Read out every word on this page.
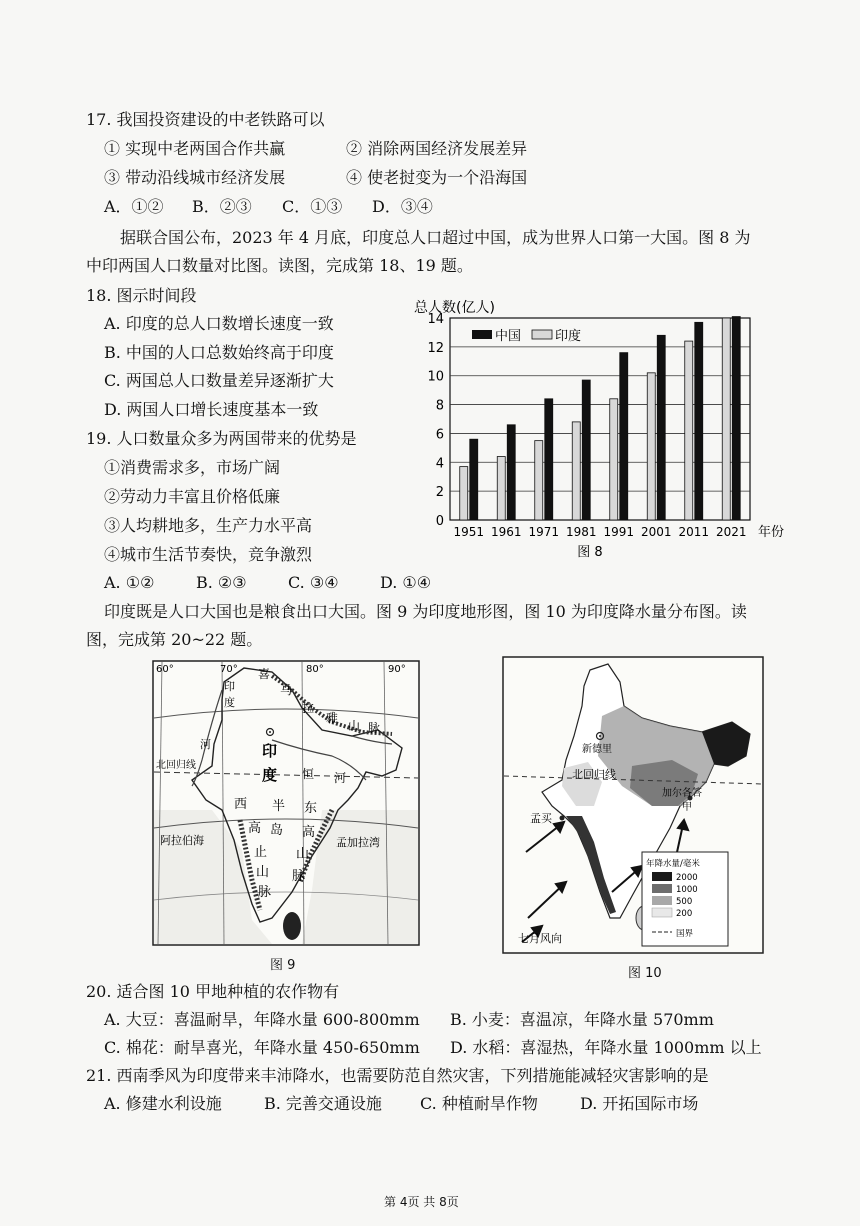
17. 我国投资建设的中老铁路可以
① 实现中老两国合作共赢	② 消除两国经济发展差异
③ 带动沿线城市经济发展	④ 使老挝变为一个沿海国
A．①② B．②③ C．①③ D．③④
据联合国公布，2023 年 4 月底，印度总人口超过中国，成为世界人口第一大国。图 8 为
中印两国人口数量对比图。读图，完成第 18、19 题。
18. 图示时间段
A. 印度的总人口数增长速度一致
B. 中国的人口总数始终高于印度
C. 两国总人口数量差异逐渐扩大
D. 两国人口增长速度基本一致
19. 人口数量众多为两国带来的优势是
①消费需求多，市场广阔
②劳动力丰富且价格低廉
③人均耕地多，生产力水平高
④城市生活节奏快，竞争激烈
A. ①②	B. ②③	C. ③④	D. ①④
总人数(亿人)
0
2
4
6
8
10
12
14
1951 1961 1971 1981 1991 2001 2011 2021 年份
中国	印度
图 8
印度既是人口大国也是粮食出口大国。图 9 为印度地形图，图 10 为印度降水量分布图。读
图，完成第 20~22 题。
60°	70°	80°	90°
喜
马
拉
雅
山 脉
印
度
河
恒 河
北回归线
印
度
西 半
高 岛
止
山
脉
东
高
山
脉
阿拉伯海	孟加拉湾
图 9
新德里
北回归线
加尔各答
甲
孟买
七月风向
年降水量/毫米
2000
1000
500
200
国界
图 10
20. 适合图 10 甲地种植的农作物有
A. 大豆：喜温耐旱，年降水量 600-800mm B. 小麦：喜温凉，年降水量 570mm
C. 棉花：耐旱喜光，年降水量 450-650mm D. 水稻：喜湿热，年降水量 1000mm 以上
21. 西南季风为印度带来丰沛降水，也需要防范自然灾害，下列措施能减轻灾害影响的是
A. 修建水利设施	B. 完善交通设施 C. 种植耐旱作物	D. 开拓国际市场
第 4页 共 8页
